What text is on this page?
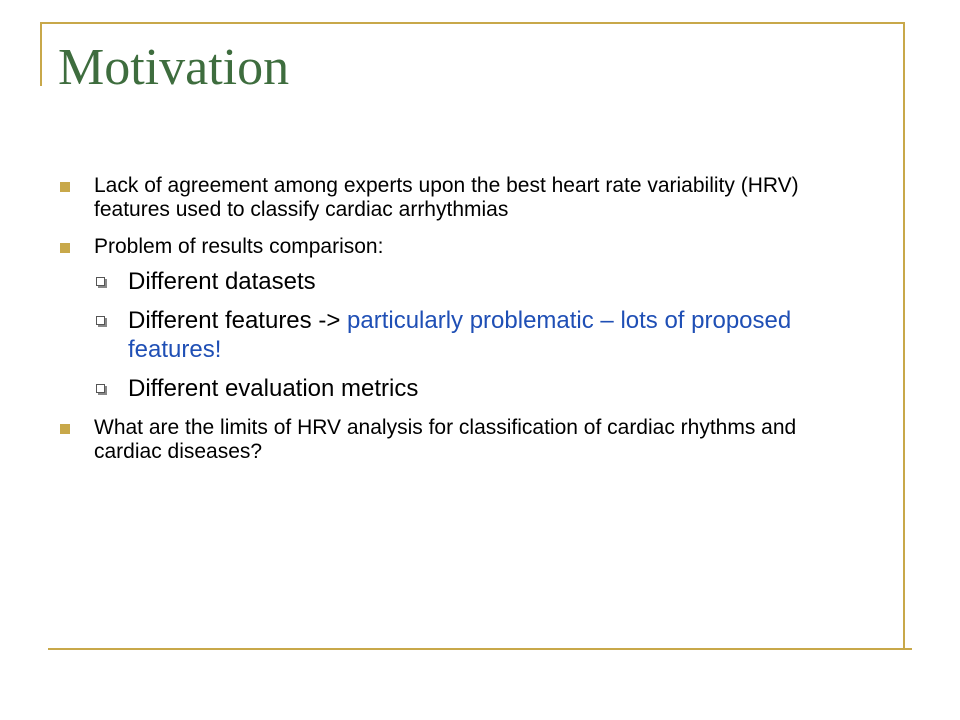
Motivation
Lack of agreement among experts upon the best heart rate variability (HRV) features used to classify cardiac arrhythmias
Problem of results comparison:
Different datasets
Different features -> particularly problematic – lots of proposed features!
Different evaluation metrics
What are the limits of HRV analysis for classification of cardiac rhythms and cardiac diseases?
